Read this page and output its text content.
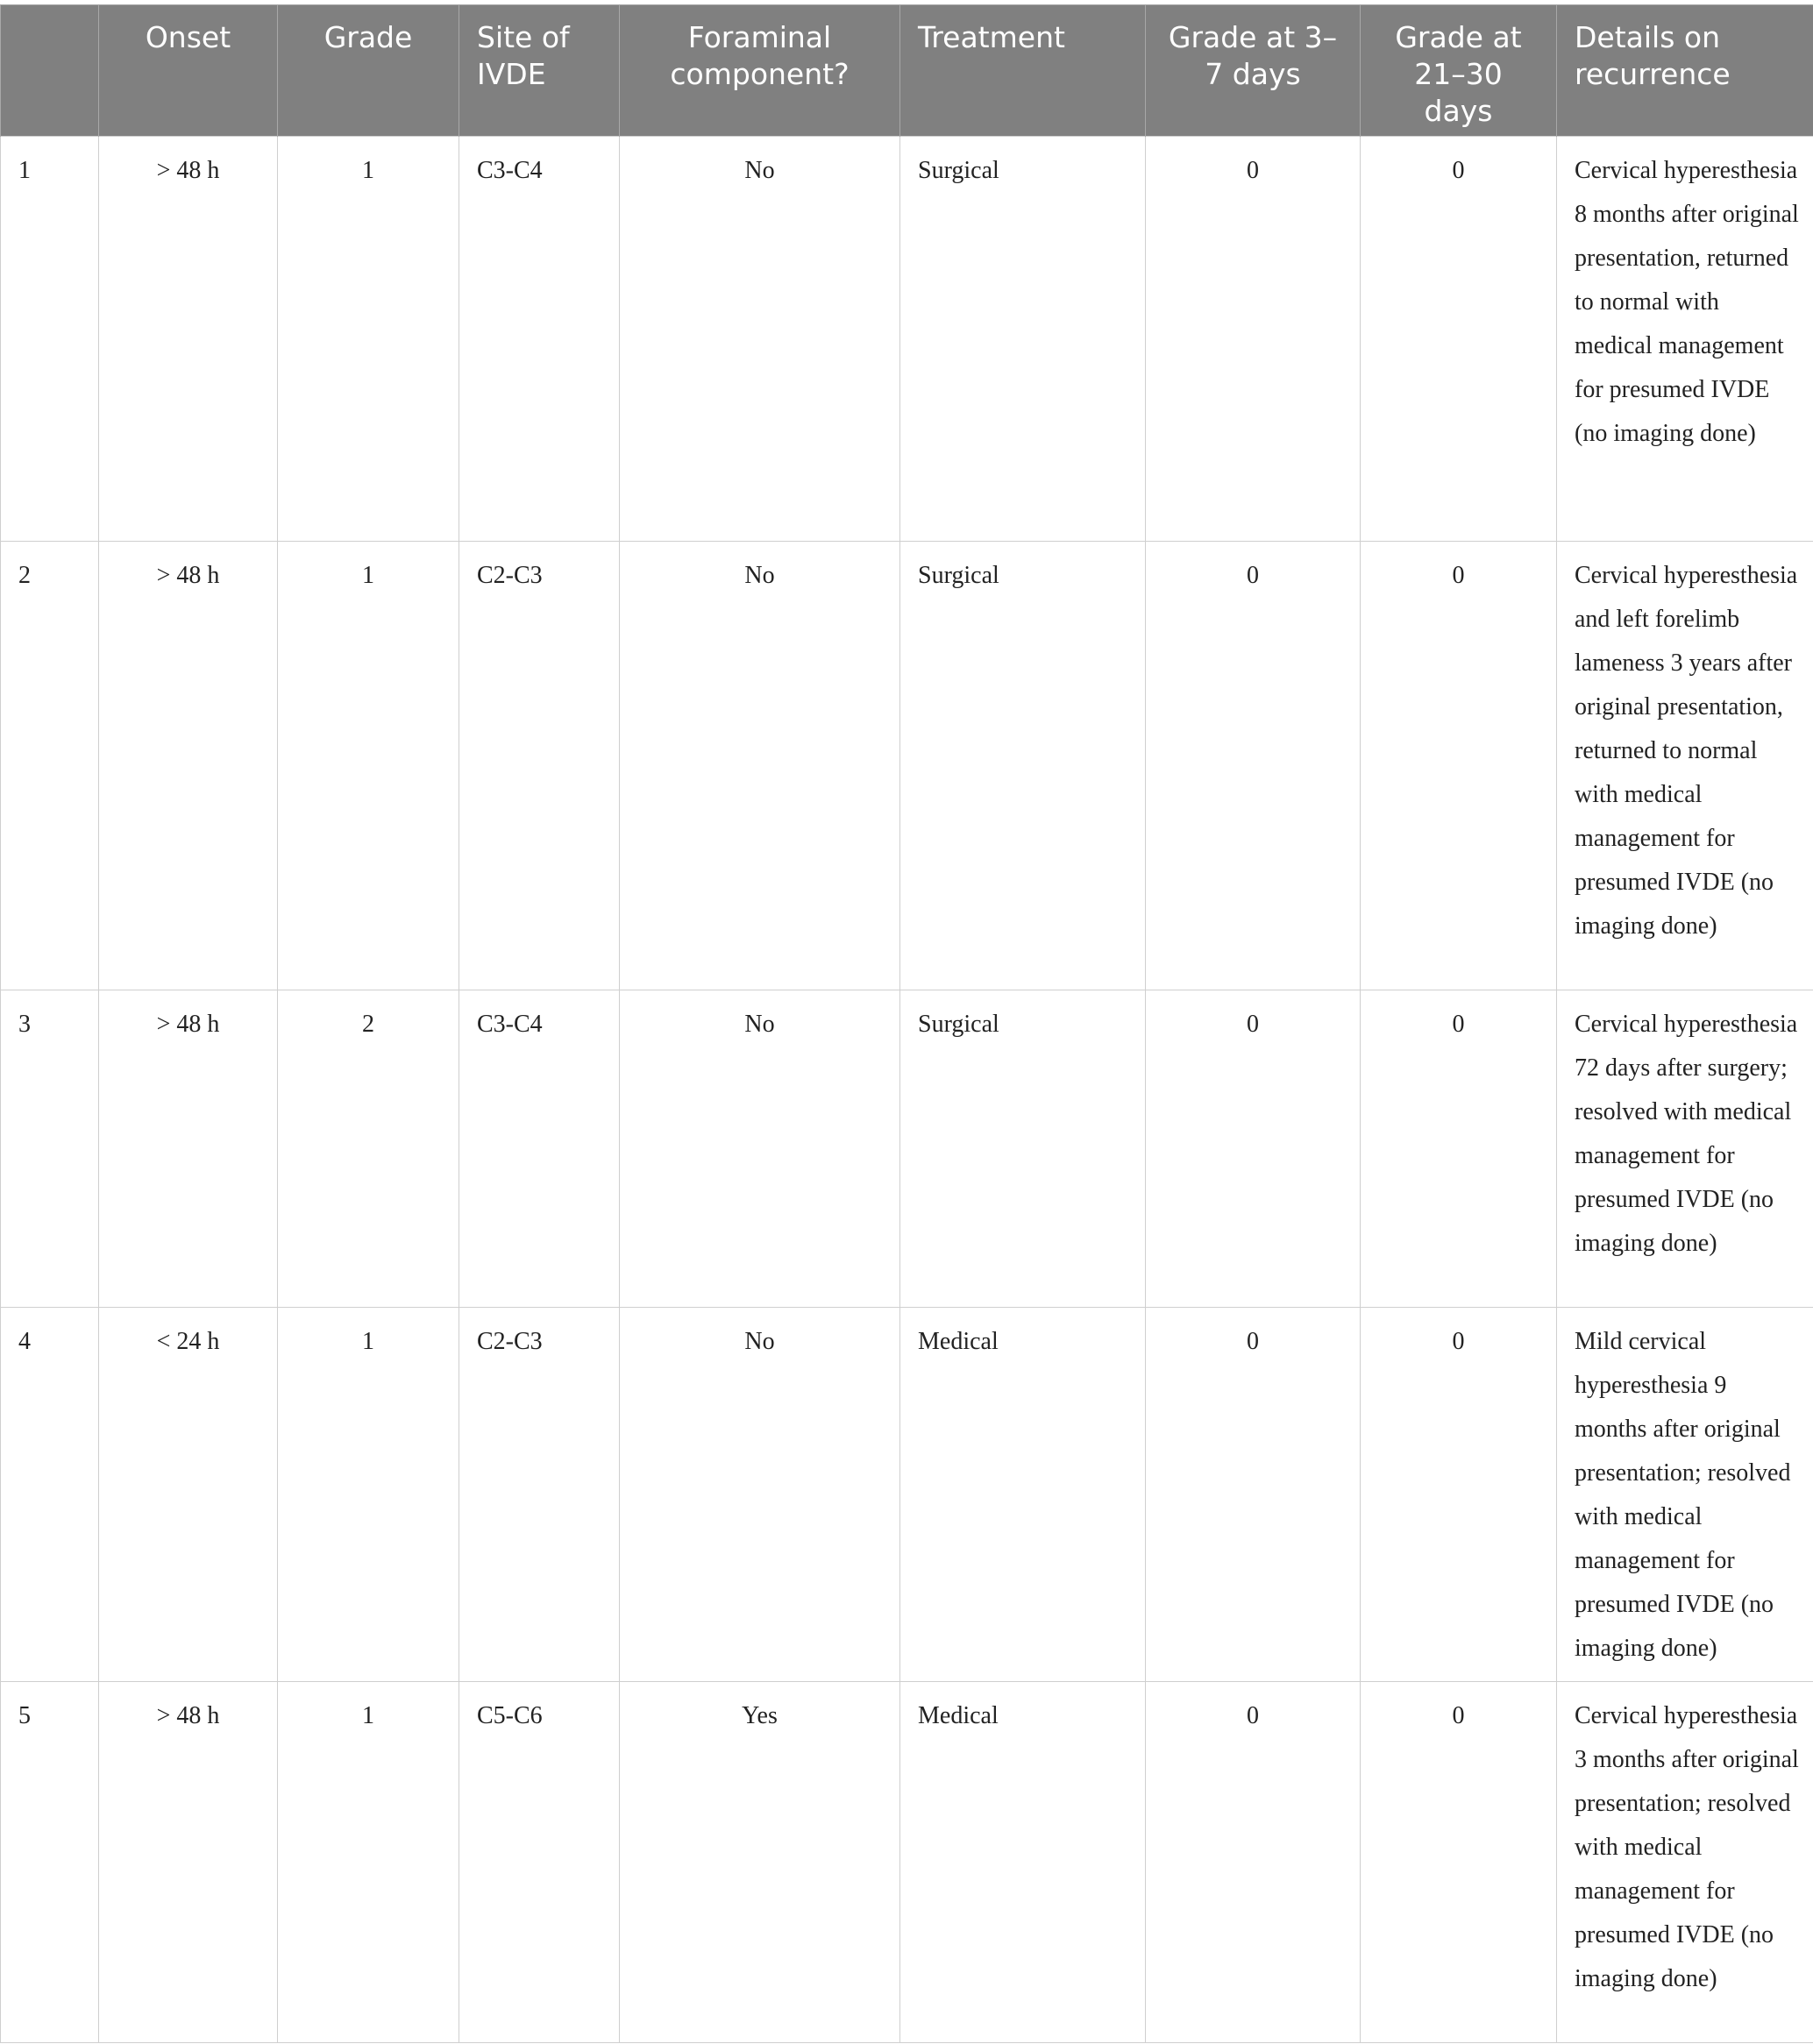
	Onset	Grade	Site of IVDE	Foraminal component?	Treatment	Grade at 3–7 days	Grade at 21–30 days	Details on recurrence
1	> 48 h	1	C3-C4	No	Surgical	0	0	Cervical hyperesthesia 8 months after original presentation, returned to normal with medical management for presumed IVDE (no imaging done)
2	> 48 h	1	C2-C3	No	Surgical	0	0	Cervical hyperesthesia and left forelimb lameness 3 years after original presentation, returned to normal with medical management for presumed IVDE (no imaging done)
3	> 48 h	2	C3-C4	No	Surgical	0	0	Cervical hyperesthesia 72 days after surgery; resolved with medical management for presumed IVDE (no imaging done)
4	< 24 h	1	C2-C3	No	Medical	0	0	Mild cervical hyperesthesia 9 months after original presentation; resolved with medical management for presumed IVDE (no imaging done)
5	> 48 h	1	C5-C6	Yes	Medical	0	0	Cervical hyperesthesia 3 months after original presentation; resolved with medical management for presumed IVDE (no imaging done)
